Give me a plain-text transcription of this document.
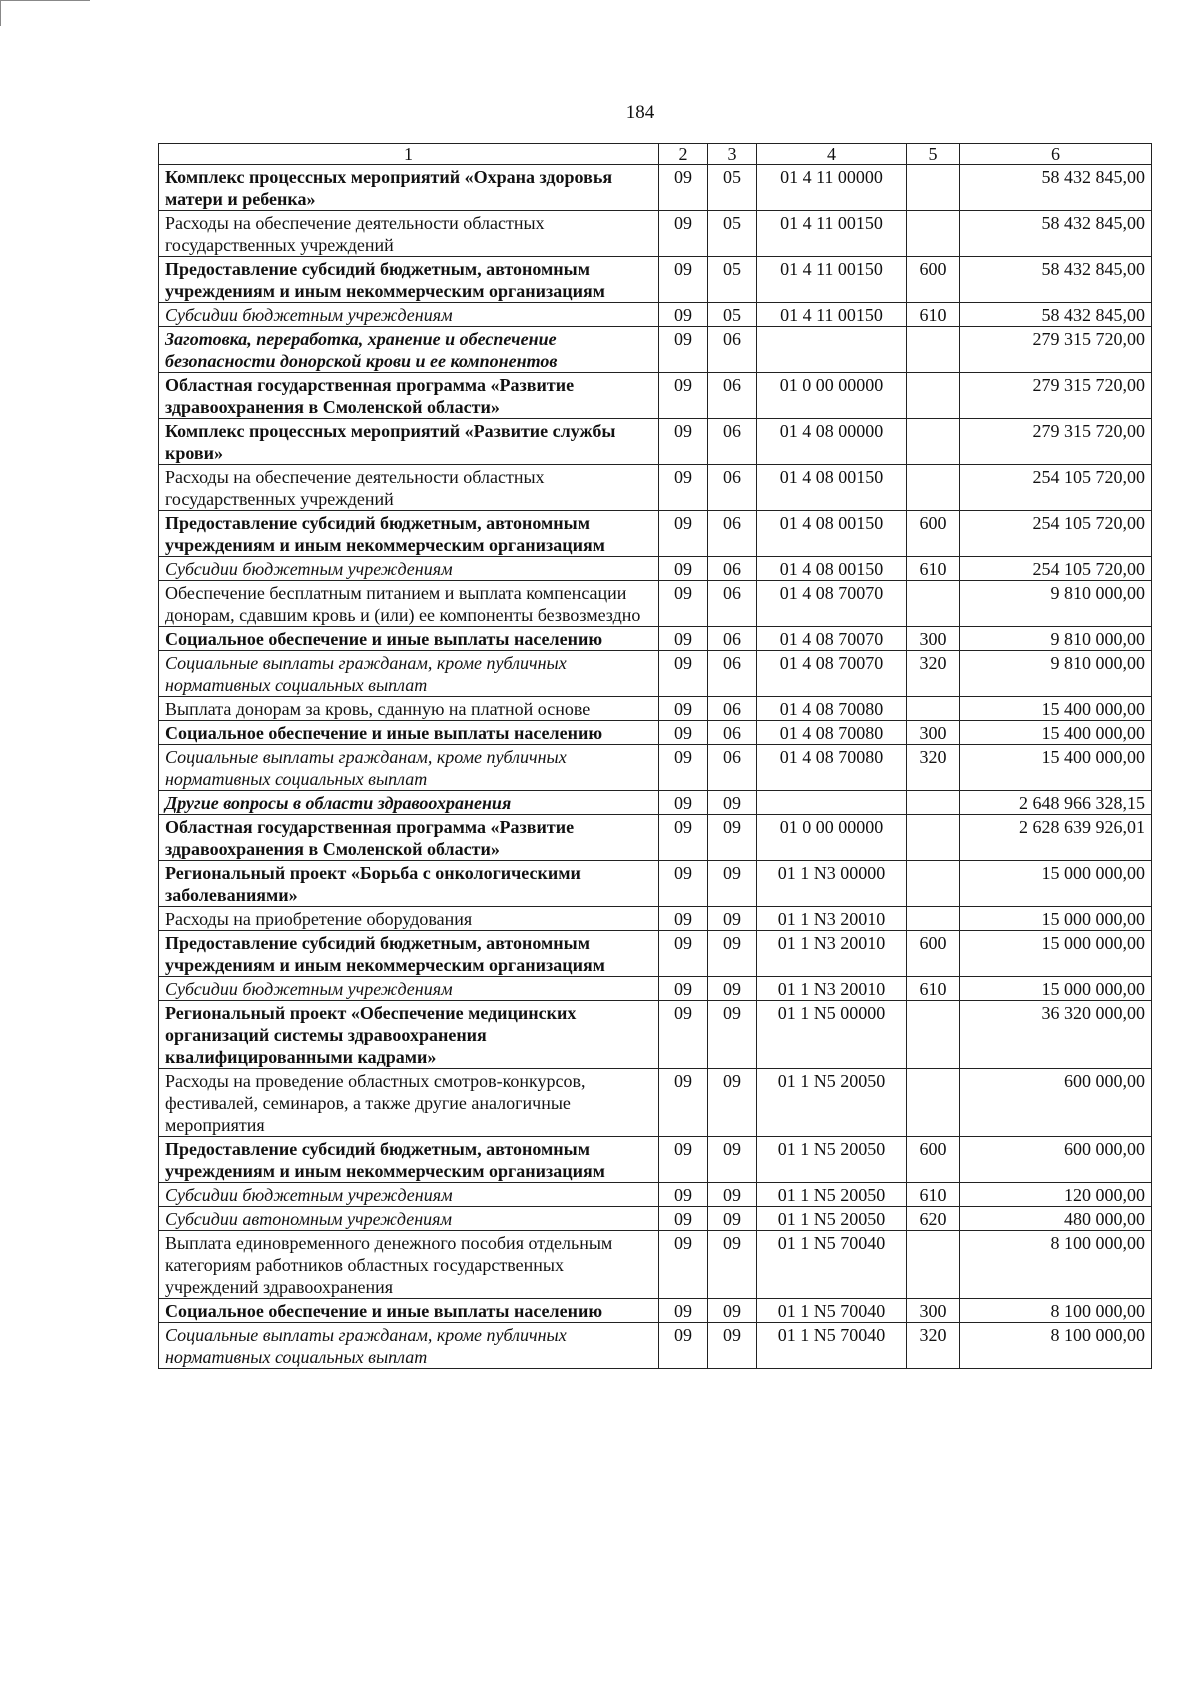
184
1	2	3	4	5	6
Комплекс процессных мероприятий «Охрана здоровья матери и ребенка»	09	05	01 4 11 00000		58 432 845,00
Расходы на обеспечение деятельности областных государственных учреждений	09	05	01 4 11 00150		58 432 845,00
Предоставление субсидий бюджетным, автономным учреждениям и иным некоммерческим организациям	09	05	01 4 11 00150	600	58 432 845,00
Субсидии бюджетным учреждениям	09	05	01 4 11 00150	610	58 432 845,00
Заготовка, переработка, хранение и обеспечение безопасности донорской крови и ее компонентов	09	06			279 315 720,00
Областная государственная программа «Развитие здравоохранения в Смоленской области»	09	06	01 0 00 00000		279 315 720,00
Комплекс процессных мероприятий «Развитие службы крови»	09	06	01 4 08 00000		279 315 720,00
Расходы на обеспечение деятельности областных государственных учреждений	09	06	01 4 08 00150		254 105 720,00
Предоставление субсидий бюджетным, автономным учреждениям и иным некоммерческим организациям	09	06	01 4 08 00150	600	254 105 720,00
Субсидии бюджетным учреждениям	09	06	01 4 08 00150	610	254 105 720,00
Обеспечение бесплатным питанием и выплата компенсации донорам, сдавшим кровь и (или) ее компоненты безвозмездно	09	06	01 4 08 70070		9 810 000,00
Социальное обеспечение и иные выплаты населению	09	06	01 4 08 70070	300	9 810 000,00
Социальные выплаты гражданам, кроме публичных нормативных социальных выплат	09	06	01 4 08 70070	320	9 810 000,00
Выплата донорам за кровь, сданную на платной основе	09	06	01 4 08 70080		15 400 000,00
Социальное обеспечение и иные выплаты населению	09	06	01 4 08 70080	300	15 400 000,00
Социальные выплаты гражданам, кроме публичных нормативных социальных выплат	09	06	01 4 08 70080	320	15 400 000,00
Другие вопросы в области здравоохранения	09	09			2 648 966 328,15
Областная государственная программа «Развитие здравоохранения в Смоленской области»	09	09	01 0 00 00000		2 628 639 926,01
Региональный проект «Борьба с онкологическими заболеваниями»	09	09	01 1 N3 00000		15 000 000,00
Расходы на приобретение оборудования	09	09	01 1 N3 20010		15 000 000,00
Предоставление субсидий бюджетным, автономным учреждениям и иным некоммерческим организациям	09	09	01 1 N3 20010	600	15 000 000,00
Субсидии бюджетным учреждениям	09	09	01 1 N3 20010	610	15 000 000,00
Региональный проект «Обеспечение медицинских организаций системы здравоохранения квалифицированными кадрами»	09	09	01 1 N5 00000		36 320 000,00
Расходы на проведение областных смотров-конкурсов, фестивалей, семинаров, а также другие аналогичные мероприятия	09	09	01 1 N5 20050		600 000,00
Предоставление субсидий бюджетным, автономным учреждениям и иным некоммерческим организациям	09	09	01 1 N5 20050	600	600 000,00
Субсидии бюджетным учреждениям	09	09	01 1 N5 20050	610	120 000,00
Субсидии автономным учреждениям	09	09	01 1 N5 20050	620	480 000,00
Выплата единовременного денежного пособия отдельным категориям работников областных государственных учреждений здравоохранения	09	09	01 1 N5 70040		8 100 000,00
Социальное обеспечение и иные выплаты населению	09	09	01 1 N5 70040	300	8 100 000,00
Социальные выплаты гражданам, кроме публичных нормативных социальных выплат	09	09	01 1 N5 70040	320	8 100 000,00
